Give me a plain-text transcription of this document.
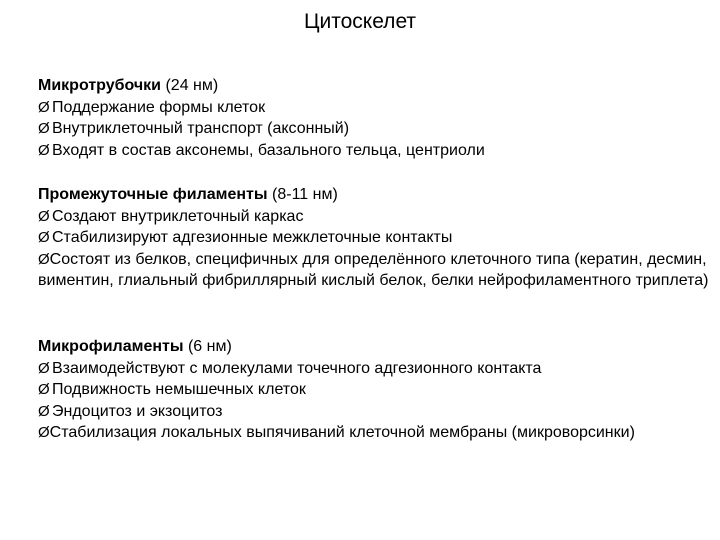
Цитоскелет
Микротрубочки (24 нм)
Ø Поддержание формы клеток
Ø Внутриклеточный транспорт (аксонный)
Ø Входят в состав аксонемы, базального тельца, центриоли
Промежуточные филаменты (8-11 нм)
Ø Создают внутриклеточный каркас
Ø Стабилизируют адгезионные межклеточные контакты
ØСостоят из белков, специфичных для определённого клеточного типа (кератин, десмин, виментин, глиальный фибриллярный кислый белок, белки нейрофиламентного триплета)
Микрофиламенты (6 нм)
Ø Взаимодействуют с молекулами точечного адгезионного контакта
Ø Подвижность немышечных клеток
Ø Эндоцитоз и экзоцитоз
ØСтабилизация локальных выпячиваний клеточной мембраны (микроворсинки)
